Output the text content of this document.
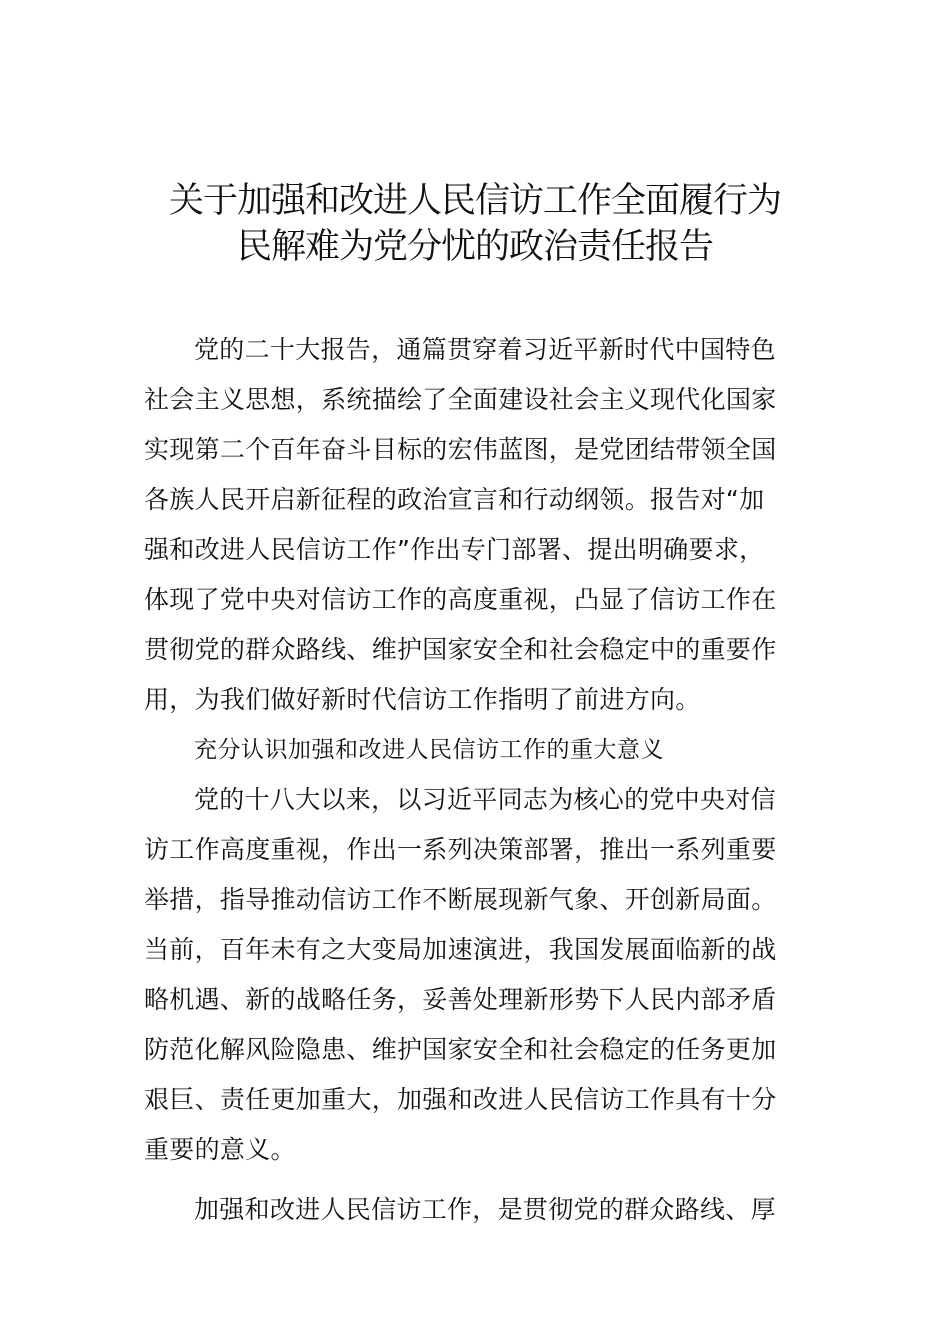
关于加强和改进人民信访工作全面履行为
民解难为党分忧的政治责任报告
党的二十大报告，通篇贯穿着习近平新时代中国特色
社会主义思想，系统描绘了全面建设社会主义现代化国家
实现第二个百年奋斗目标的宏伟蓝图，是党团结带领全国
各族人民开启新征程的政治宣言和行动纲领。报告对“加
强和改进人民信访工作”作出专门部署、提出明确要求，
体现了党中央对信访工作的高度重视，凸显了信访工作在
贯彻党的群众路线、维护国家安全和社会稳定中的重要作
用，为我们做好新时代信访工作指明了前进方向。
充分认识加强和改进人民信访工作的重大意义
党的十八大以来，以习近平同志为核心的党中央对信
访工作高度重视，作出一系列决策部署，推出一系列重要
举措，指导推动信访工作不断展现新气象、开创新局面。
当前，百年未有之大变局加速演进，我国发展面临新的战
略机遇、新的战略任务，妥善处理新形势下人民内部矛盾
防范化解风险隐患、维护国家安全和社会稳定的任务更加
艰巨、责任更加重大，加强和改进人民信访工作具有十分
重要的意义。
加强和改进人民信访工作，是贯彻党的群众路线、厚
